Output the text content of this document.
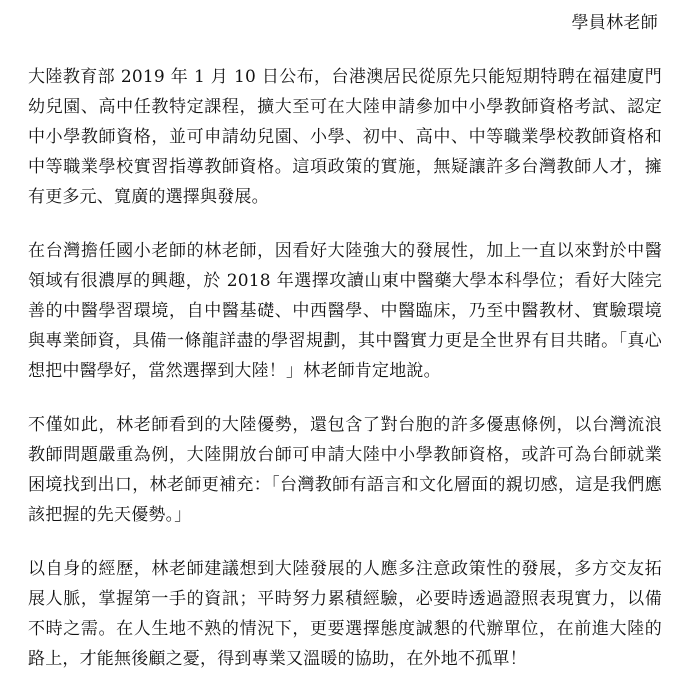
學員林老師

大陸教育部 2019 年 1 月 10 日公布，台港澳居民從原先只能短期特聘在福建廈門幼兒園、高中任教特定課程，擴大至可在大陸申請參加中小學教師資格考試、認定中小學教師資格，並可申請幼兒園、小學、初中、高中、中等職業學校教師資格和中等職業學校實習指導教師資格。這項政策的實施，無疑讓許多台灣教師人才，擁有更多元、寬廣的選擇與發展。

在台灣擔任國小老師的林老師，因看好大陸強大的發展性，加上一直以來對於中醫領域有很濃厚的興趣，於 2018 年選擇攻讀山東中醫藥大學本科學位；看好大陸完善的中醫學習環境，自中醫基礎、中西醫學、中醫臨床，乃至中醫教材、實驗環境與專業師資，具備一條龍詳盡的學習規劃，其中醫實力更是全世界有目共睹。「真心想把中醫學好，當然選擇到大陸！」林老師肯定地說。

不僅如此，林老師看到的大陸優勢，還包含了對台胞的許多優惠條例，以台灣流浪教師問題嚴重為例，大陸開放台師可申請大陸中小學教師資格，或許可為台師就業困境找到出口，林老師更補充：「台灣教師有語言和文化層面的親切感，這是我們應該把握的先天優勢。」

以自身的經歷，林老師建議想到大陸發展的人應多注意政策性的發展，多方交友拓展人脈，掌握第一手的資訊；平時努力累積經驗，必要時透過證照表現實力，以備不時之需。在人生地不熟的情況下，更要選擇態度誠懇的代辦單位，在前進大陸的路上，才能無後顧之憂，得到專業又溫暖的協助，在外地不孤單！
